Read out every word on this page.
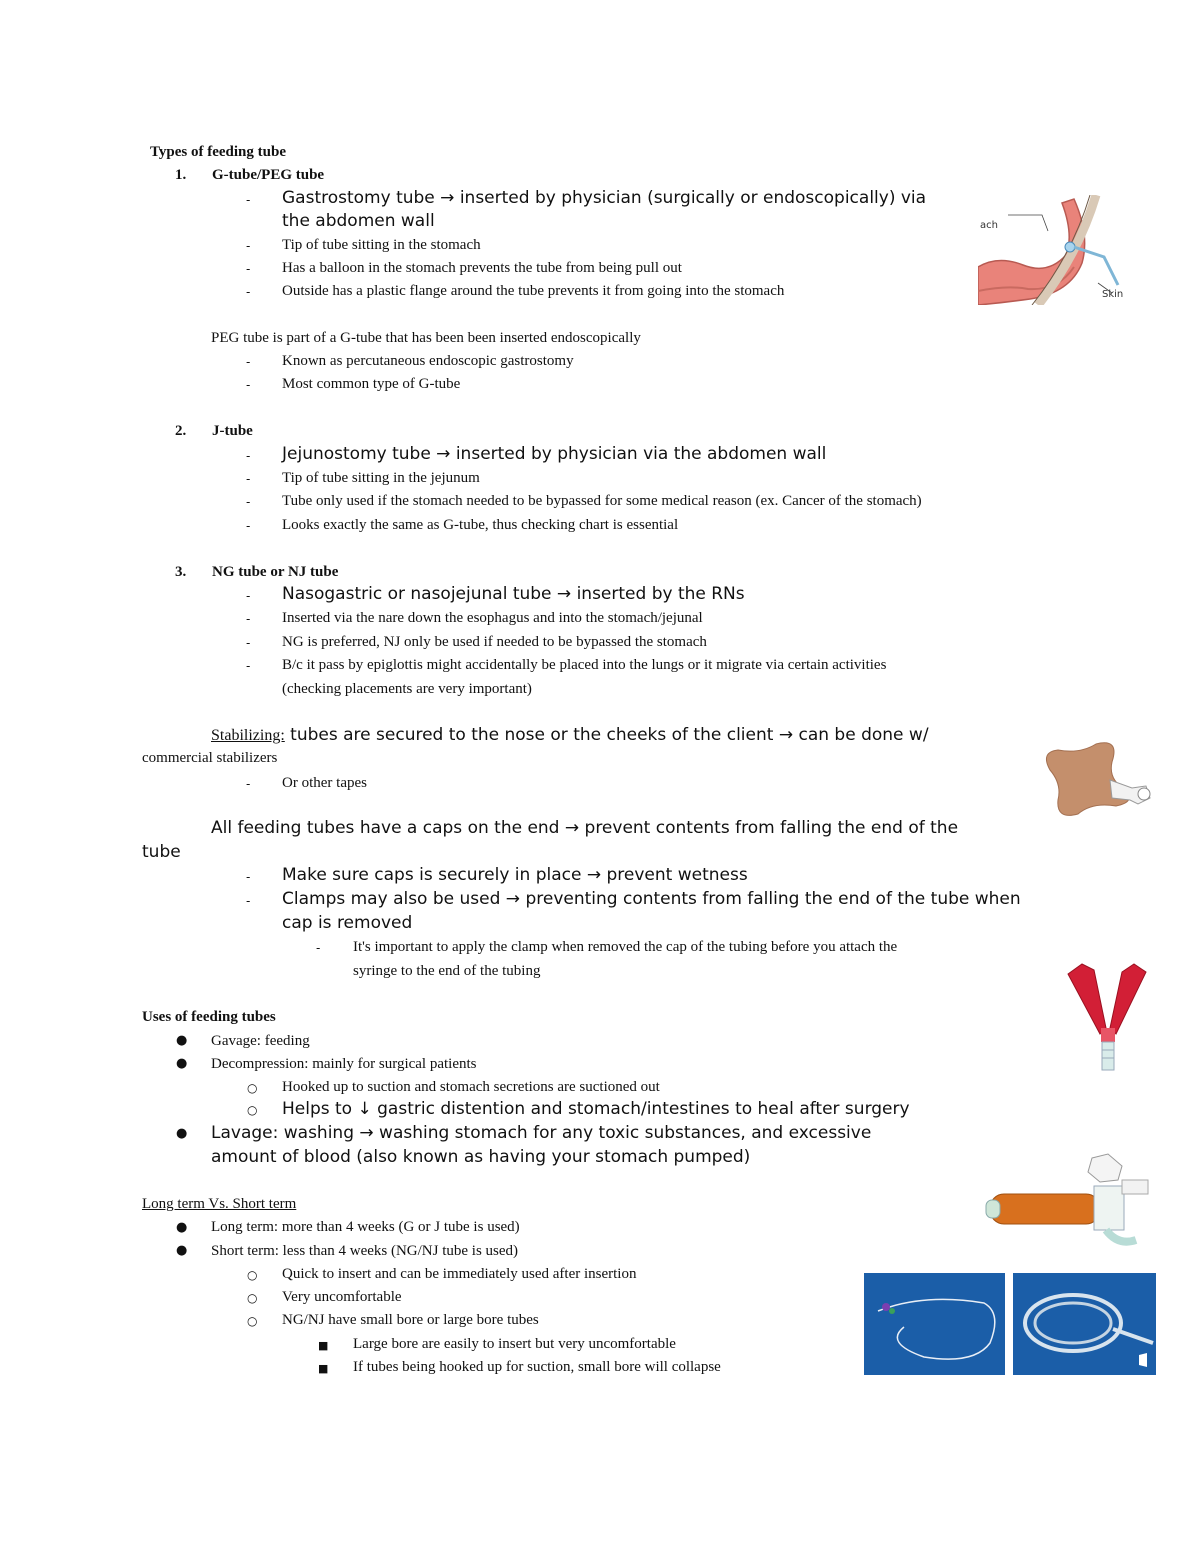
Types of feeding tube
1. G-tube/PEG tube
- Gastrostomy tube → inserted by physician (surgically or endoscopically) via
the abdomen wall
- Tip of tube sitting in the stomach
- Has a balloon in the stomach prevents the tube from being pull out
- Outside has a plastic flange around the tube prevents it from going into the stomach
PEG tube is part of a G-tube that has been been inserted endoscopically
- Known as percutaneous endoscopic gastrostomy
- Most common type of G-tube
2. J-tube
- Jejunostomy tube → inserted by physician via the abdomen wall
- Tip of tube sitting in the jejunum
- Tube only used if the stomach needed to be bypassed for some medical reason (ex. Cancer of the stomach)
- Looks exactly the same as G-tube, thus checking chart is essential
3. NG tube or NJ tube
- Nasogastric or nasojejunal tube → inserted by the RNs
- Inserted via the nare down the esophagus and into the stomach/jejunal
- NG is preferred, NJ only be used if needed to be bypassed the stomach
- B/c it pass by epiglottis might accidentally be placed into the lungs or it migrate via certain activities
(checking placements are very important)
Stabilizing: tubes are secured to the nose or the cheeks of the client → can be done w/
commercial stabilizers
- Or other tapes
All feeding tubes have a caps on the end → prevent contents from falling the end of the
tube
- Make sure caps is securely in place → prevent wetness
- Clamps may also be used → preventing contents from falling the end of the tube when
cap is removed
- It's important to apply the clamp when removed the cap of the tubing before you attach the
syringe to the end of the tubing
Uses of feeding tubes
● Gavage: feeding
● Decompression: mainly for surgical patients
○ Hooked up to suction and stomach secretions are suctioned out
○ Helps to ↓ gastric distention and stomach/intestines to heal after surgery
● Lavage: washing → washing stomach for any toxic substances, and excessive
amount of blood (also known as having your stomach pumped)
Long term Vs. Short term
● Long term: more than 4 weeks (G or J tube is used)
● Short term: less than 4 weeks (NG/NJ tube is used)
○ Quick to insert and can be immediately used after insertion
○ Very uncomfortable
○ NG/NJ have small bore or large bore tubes
■ Large bore are easily to insert but very uncomfortable
■ If tubes being hooked up for suction, small bore will collapse
ach
Skin
